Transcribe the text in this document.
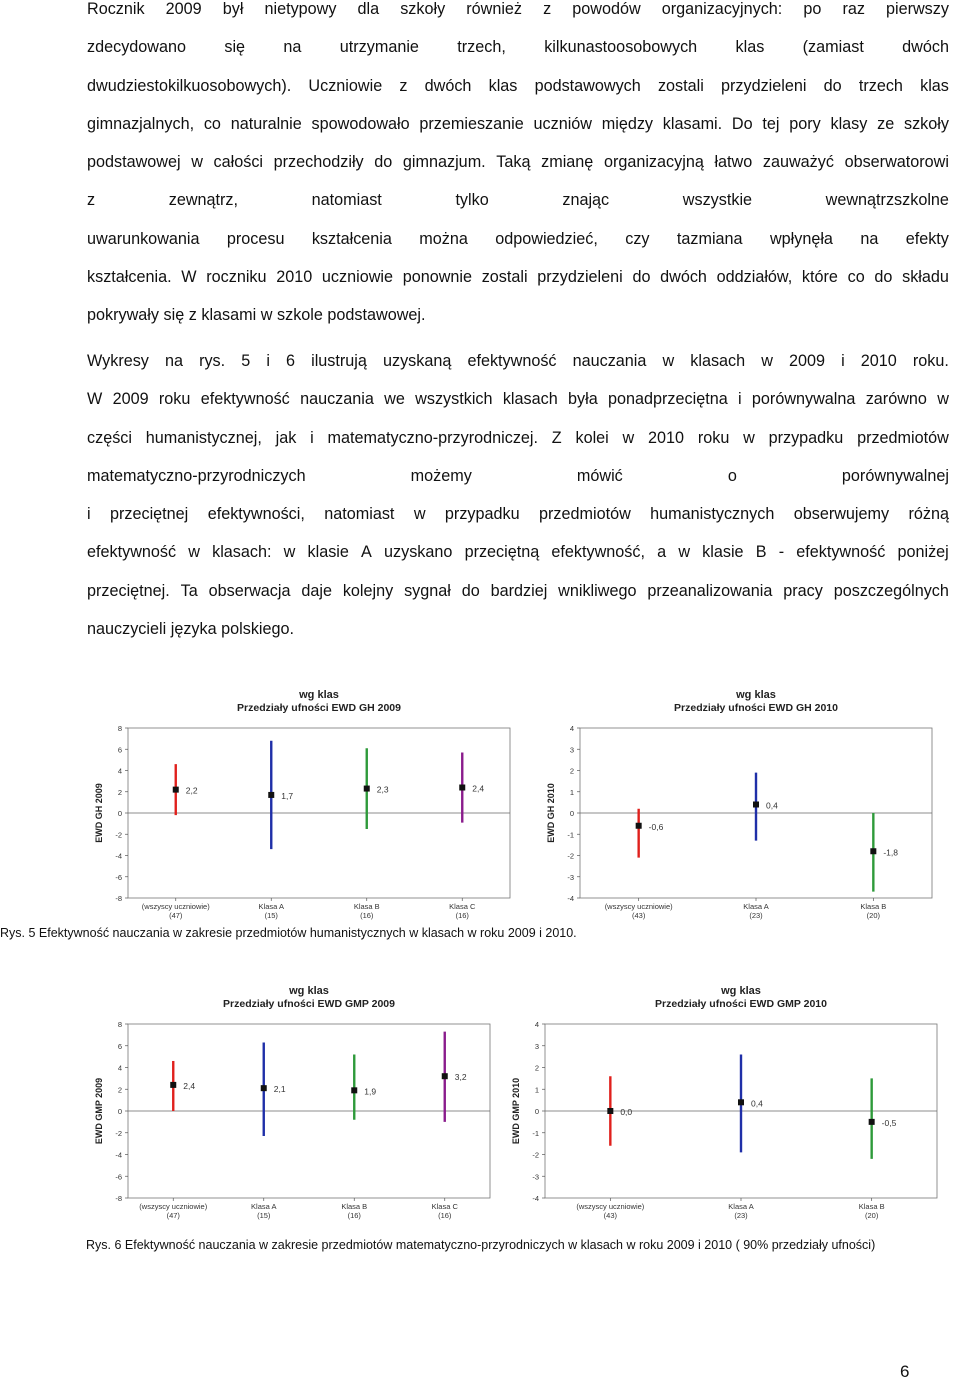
Rocznik 2009 był nietypowy dla szkoły również z powodów organizacyjnych: po raz pierwszy
zdecydowano się na utrzymanie trzech, kilkunastoosobowych klas (zamiast dwóch
dwudziestokilkuosobowych). Uczniowie z dwóch klas podstawowych zostali przydzieleni do trzech klas
gimnazjalnych, co naturalnie spowodowało przemieszanie uczniów między klasami. Do tej pory klasy ze szkoły
podstawowej w całości przechodziły do gimnazjum. Taką zmianę organizacyjną łatwo zauważyć obserwatorowi
z	zewnątrz,	natomiast	tylko	znając	wszystkie	wewnątrzszkolne
uwarunkowania procesu kształcenia można odpowiedzieć, czy tazmiana wpłynęła na efekty
kształcenia. W roczniku 2010 uczniowie ponownie zostali przydzieleni do dwóch oddziałów, które co do składu
pokrywały się z klasami w szkole podstawowej.
Wykresy na rys. 5 i 6 ilustrują uzyskaną efektywność nauczania w klasach w 2009 i 2010 roku.
W 2009 roku efektywność nauczania we wszystkich klasach była ponadprzeciętna i porównywalna zarówno w
części humanistycznej, jak i matematyczno-przyrodniczej. Z kolei w 2010 roku w przypadku przedmiotów
matematyczno-przyrodniczych	możemy	mówić	o	porównywalnej
i przeciętnej efektywności, natomiast w przypadku przedmiotów humanistycznych obserwujemy różną
efektywność w klasach: w klasie A uzyskano przeciętną efektywność, a w klasie B - efektywność poniżej
przeciętnej. Ta obserwacja daje kolejny sygnał do bardziej wnikliwego przeanalizowania pracy poszczególnych
nauczycieli języka polskiego.
wg klas
Przedziały ufności EWD GH 2009
-8
-6
-4
-2
0
2
4
6
8
EWD GH 2009	2,2
(wszyscy uczniowie)
(47)
1,7
Klasa A
(15)
2,3
Klasa B
(16)
2,4
Klasa C
(16)
wg klas
Przedziały ufności EWD GH 2010
-4
-3
-2
-1
0
1
2
3
4
EWD GH 2010	-0,6
(wszyscy uczniowie)
(43)
0,4
Klasa A
(23)
-1,8
Klasa B
(20)
Rys. 5 Efektywność nauczania w zakresie przedmiotów humanistycznych w klasach w roku 2009 i 2010.
wg klas
Przedziały ufności EWD GMP 2009
-8
-6
-4
-2
0
2
4
6
8
EWD GMP 2009	2,4
(wszyscy uczniowie)
(47)
2,1
Klasa A
(15)
1,9
Klasa B
(16)
3,2
Klasa C
(16)
wg klas
Przedziały ufności EWD GMP 2010
-4
-3
-2
-1
0
1
2
3
4
EWD GMP 2010	0,0
(wszyscy uczniowie)
(43)
0,4
Klasa A
(23)
-0,5
Klasa B
(20)
Rys. 6 Efektywność nauczania w zakresie przedmiotów matematyczno-przyrodniczych w klasach w roku 2009 i 2010 ( 90% przedziały ufności)
6
